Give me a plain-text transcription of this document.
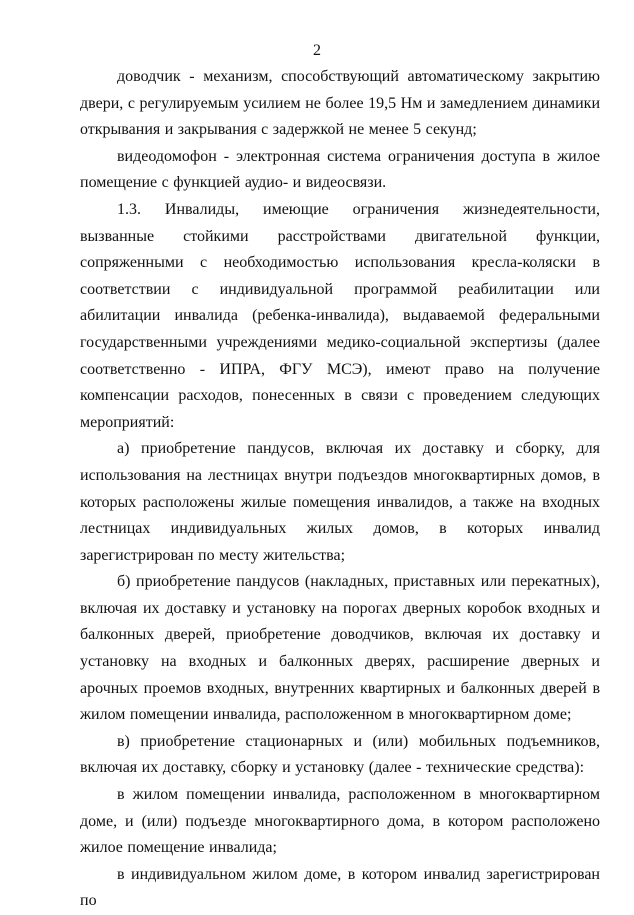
2

доводчик - механизм, способствующий автоматическому закрытию двери, с регулируемым усилием не более 19,5 Нм и замедлением динамики открывания и закрывания с задержкой не менее 5 секунд;

видеодомофон - электронная система ограничения доступа в жилое помещение с функцией аудио- и видеосвязи.

1.3. Инвалиды, имеющие ограничения жизнедеятельности, вызванные стойкими расстройствами двигательной функции, сопряженными с необходимостью использования кресла-коляски в соответствии с индивидуальной программой реабилитации или абилитации инвалида (ребенка-инвалида), выдаваемой федеральными государственными учреждениями медико-социальной экспертизы (далее соответственно - ИПРА, ФГУ МСЭ), имеют право на получение компенсации расходов, понесенных в связи с проведением следующих мероприятий:

а) приобретение пандусов, включая их доставку и сборку, для использования на лестницах внутри подъездов многоквартирных домов, в которых расположены жилые помещения инвалидов, а также на входных лестницах индивидуальных жилых домов, в которых инвалид зарегистрирован по месту жительства;

б) приобретение пандусов (накладных, приставных или перекатных), включая их доставку и установку на порогах дверных коробок входных и балконных дверей, приобретение доводчиков, включая их доставку и установку на входных и балконных дверях, расширение дверных и арочных проемов входных, внутренних квартирных и балконных дверей в жилом помещении инвалида, расположенном в многоквартирном доме;

в) приобретение стационарных и (или) мобильных подъемников, включая их доставку, сборку и установку (далее - технические средства):

в жилом помещении инвалида, расположенном в многоквартирном доме, и (или) подъезде многоквартирного дома, в котором расположено жилое помещение инвалида;

в индивидуальном жилом доме, в котором инвалид зарегистрирован по
